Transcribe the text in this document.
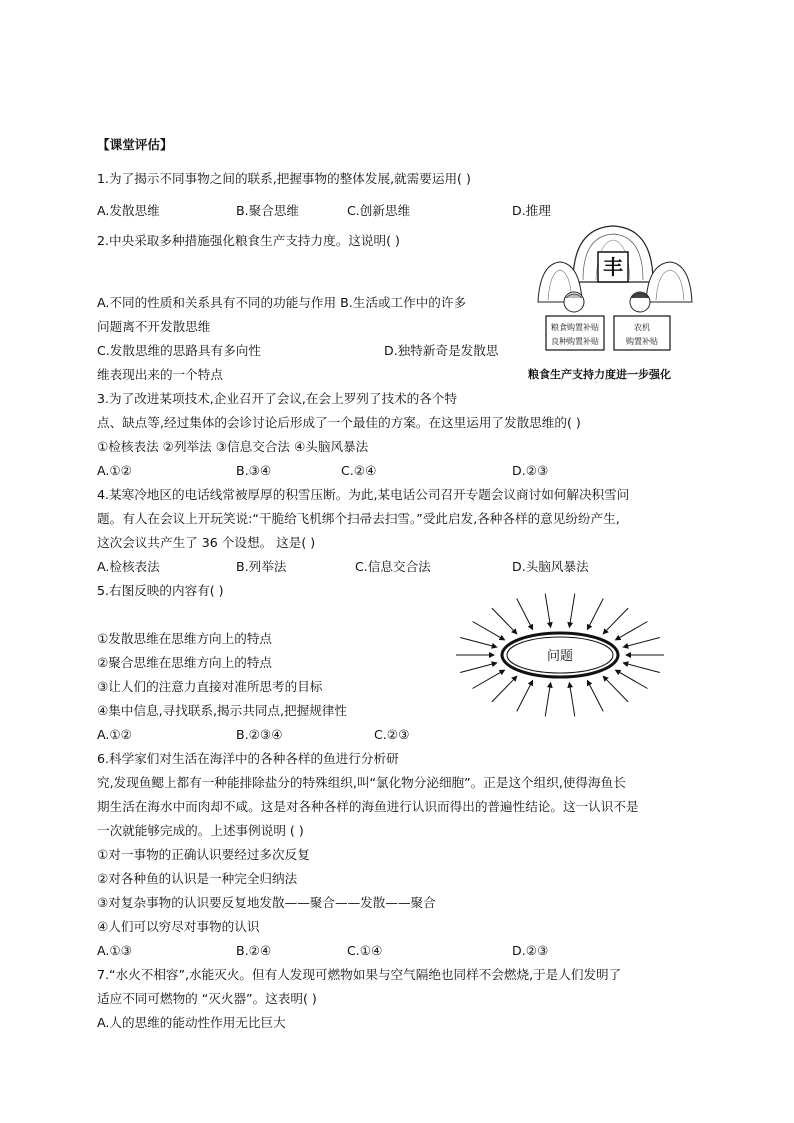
【课堂评估】
1.为了揭示不同事物之间的联系,把握事物的整体发展,就需要运用( )
A.发散思维	B.聚合思维	C.创新思维	D.推理
2.中央采取多种措施强化粮食生产支持力度。这说明( )
A.不同的性质和关系具有不同的功能与作用 B.生活或工作中的许多
问题离不开发散思维
C.发散思维的思路具有多向性	D.独特新奇是发散思
维表现出来的一个特点
丰
粮食购置补贴
良种购置补贴
农机
购置补贴
粮食生产支持力度进一步强化
3.为了改进某项技术,企业召开了会议,在会上罗列了技术的各个特
点、缺点等,经过集体的会诊讨论后形成了一个最佳的方案。在这里运用了发散思维的( )
①检核表法 ②列举法 ③信息交合法 ④头脑风暴法
A.①②	B.③④	C.②④	D.②③
4.某寒冷地区的电话线常被厚厚的积雪压断。为此,某电话公司召开专题会议商讨如何解决积雪问
题。有人在会议上开玩笑说:“干脆给飞机绑个扫帚去扫雪。”受此启发,各种各样的意见纷纷产生,
这次会议共产生了 36 个设想。 这是( )
A.检核表法	B.列举法	C.信息交合法	D.头脑风暴法
5.右图反映的内容有( )
①发散思维在思维方向上的特点
②聚合思维在思维方向上的特点
③让人们的注意力直接对准所思考的目标
④集中信息,寻找联系,揭示共同点,把握规律性
A.①②	B.②③④	C.②③
问题
6.科学家们对生活在海洋中的各种各样的鱼进行分析研
究,发现鱼鳃上都有一种能排除盐分的特殊组织,叫“氯化物分泌细胞”。正是这个组织,使得海鱼长
期生活在海水中而肉却不咸。这是对各种各样的海鱼进行认识而得出的普遍性结论。这一认识不是
一次就能够完成的。上述事例说明 ( )
①对一事物的正确认识要经过多次反复
②对各种鱼的认识是一种完全归纳法
③对复杂事物的认识要反复地发散——聚合——发散——聚合
④人们可以穷尽对事物的认识
A.①③	B.②④	C.①④	D.②③
7.“水火不相容”,水能灭火。但有人发现可燃物如果与空气隔绝也同样不会燃烧,于是人们发明了
适应不同可燃物的 “灭火器”。这表明( )
A.人的思维的能动性作用无比巨大
